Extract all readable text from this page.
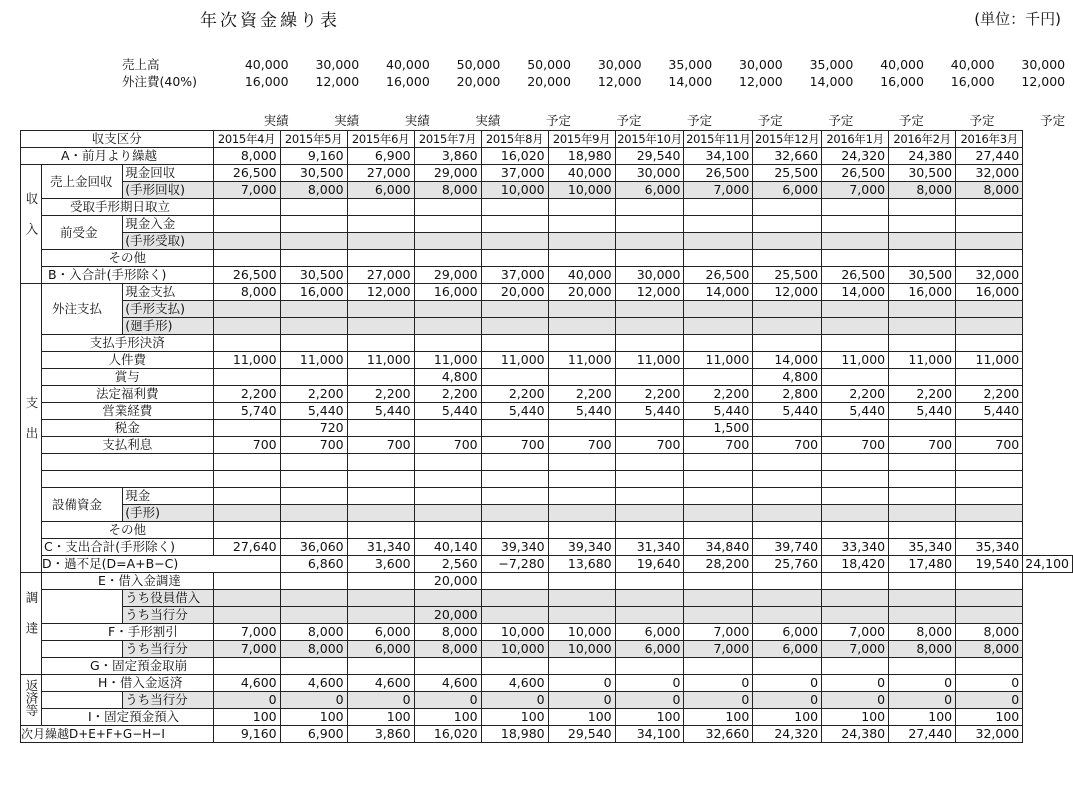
年次資金繰り表	(単位：千円)
売上高	40,000	30,000	40,000	50,000	50,000	30,000	35,000	30,000	35,000	40,000	40,000	30,000
外注費(40%)	16,000	12,000	16,000	20,000	20,000	12,000	14,000	12,000	14,000	16,000	16,000	12,000
	実績	実績	実績	実績	予定	予定	予定	予定	予定	予定	予定	予定
収支区分			2015年4月	2015年5月	2015年6月	2015年7月	2015年8月	2015年9月	2015年10月	2015年11月	2015年12月	2016年1月	2016年2月	2016年3月	
A・前月より繰越			8,000	9,160	6,900	3,860	16,020	18,980	29,540	34,100	32,660	24,320	24,380	27,440	
収入	売上金回収	現金回収	26,500	30,500	27,000	29,000	37,000	40,000	30,000	26,500	25,500	26,500	30,500	32,000	
		(手形回収)	7,000	8,000	6,000	8,000	10,000	10,000	6,000	7,000	6,000	7,000	8,000	8,000	
	受取手形期日取立														
	前受金	現金入金													
		(手形受取)													
	その他														
	B・入合計(手形除く)		26,500	30,500	27,000	29,000	37,000	40,000	30,000	26,500	25,500	26,500	30,500	32,000	
支出	外注支払	現金支払	8,000	16,000	12,000	16,000	20,000	20,000	12,000	14,000	12,000	14,000	16,000	16,000	
		(手形支払)													
		(廻手形)													
	支払手形決済														
	人件費		11,000	11,000	11,000	11,000	11,000	11,000	11,000	11,000	14,000	11,000	11,000	11,000	
	賞与					4,800					4,800				
	法定福利費		2,200	2,200	2,200	2,200	2,200	2,200	2,200	2,200	2,800	2,200	2,200	2,200	
	営業経費		5,740	5,440	5,440	5,440	5,440	5,440	5,440	5,440	5,440	5,440	5,440	5,440	
	税金			720						1,500					
	支払利息		700	700	700	700	700	700	700	700	700	700	700	700	

	設備資金	現金													
		(手形)													
	その他														
	C・支出合計(手形除く)		27,640	36,060	31,340	40,140	39,340	39,340	31,340	34,840	39,740	33,340	35,340	35,340	
	D・過不足(D=A+B−C)			6,860	3,600	2,560	−7,280	13,680	19,640	28,200	25,760	18,420	17,480	19,540	24,100
調達	E・借入金調達					20,000									
		うち役員借入													
		うち当行分				20,000									
	F・手形割引		7,000	8,000	6,000	8,000	10,000	10,000	6,000	7,000	6,000	7,000	8,000	8,000	
		うち当行分	7,000	8,000	6,000	8,000	10,000	10,000	6,000	7,000	6,000	7,000	8,000	8,000	
	G・固定預金取崩														
返済等	H・借入金返済		4,600	4,600	4,600	4,600	4,600	0	0	0	0	0	0	0	
		うち当行分	0	0	0	0	0	0	0	0	0	0	0	0	
	I・固定預金預入		100	100	100	100	100	100	100	100	100	100	100	100	
次月繰越D+E+F+G−H−I			9,160	6,900	3,860	16,020	18,980	29,540	34,100	32,660	24,320	24,380	27,440	32,000	
